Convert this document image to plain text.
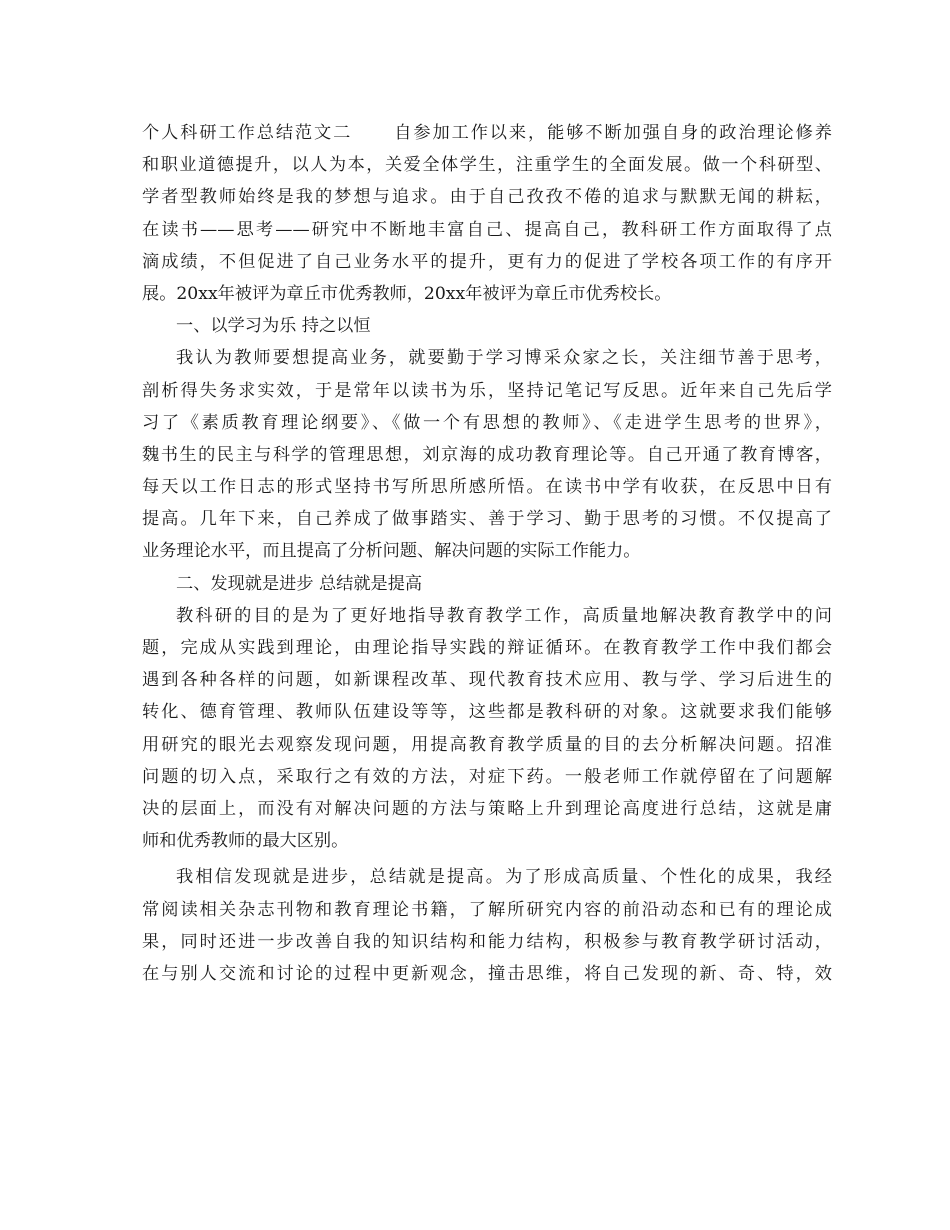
个人科研工作总结范文二 自参加工作以来，能够不断加强自身的政治理论修养
和职业道德提升，以人为本，关爱全体学生，注重学生的全面发展。做一个科研型、
学者型教师始终是我的梦想与追求。由于自己孜孜不倦的追求与默默无闻的耕耘，
在读书——思考——研究中不断地丰富自己、提高自己，教科研工作方面取得了点
滴成绩，不但促进了自己业务水平的提升，更有力的促进了学校各项工作的有序开
展。20xx年被评为章丘市优秀教师，20xx年被评为章丘市优秀校长。
一、以学习为乐 持之以恒
我认为教师要想提高业务，就要勤于学习博采众家之长，关注细节善于思考，
剖析得失务求实效，于是常年以读书为乐，坚持记笔记写反思。近年来自己先后学
习了《素质教育理论纲要》、《做一个有思想的教师》、《走进学生思考的世界》，
魏书生的民主与科学的管理思想，刘京海的成功教育理论等。自己开通了教育博客，
每天以工作日志的形式坚持书写所思所感所悟。在读书中学有收获，在反思中日有
提高。几年下来，自己养成了做事踏实、善于学习、勤于思考的习惯。不仅提高了
业务理论水平，而且提高了分析问题、解决问题的实际工作能力。
二、发现就是进步 总结就是提高
教科研的目的是为了更好地指导教育教学工作，高质量地解决教育教学中的问
题，完成从实践到理论，由理论指导实践的辩证循环。在教育教学工作中我们都会
遇到各种各样的问题，如新课程改革、现代教育技术应用、教与学、学习后进生的
转化、德育管理、教师队伍建设等等，这些都是教科研的对象。这就要求我们能够
用研究的眼光去观察发现问题，用提高教育教学质量的目的去分析解决问题。招准
问题的切入点，采取行之有效的方法，对症下药。一般老师工作就停留在了问题解
决的层面上，而没有对解决问题的方法与策略上升到理论高度进行总结，这就是庸
师和优秀教师的最大区别。
我相信发现就是进步，总结就是提高。为了形成高质量、个性化的成果，我经
常阅读相关杂志刊物和教育理论书籍，了解所研究内容的前沿动态和已有的理论成
果，同时还进一步改善自我的知识结构和能力结构，积极参与教育教学研讨活动，
在与别人交流和讨论的过程中更新观念，撞击思维，将自己发现的新、奇、特，效
